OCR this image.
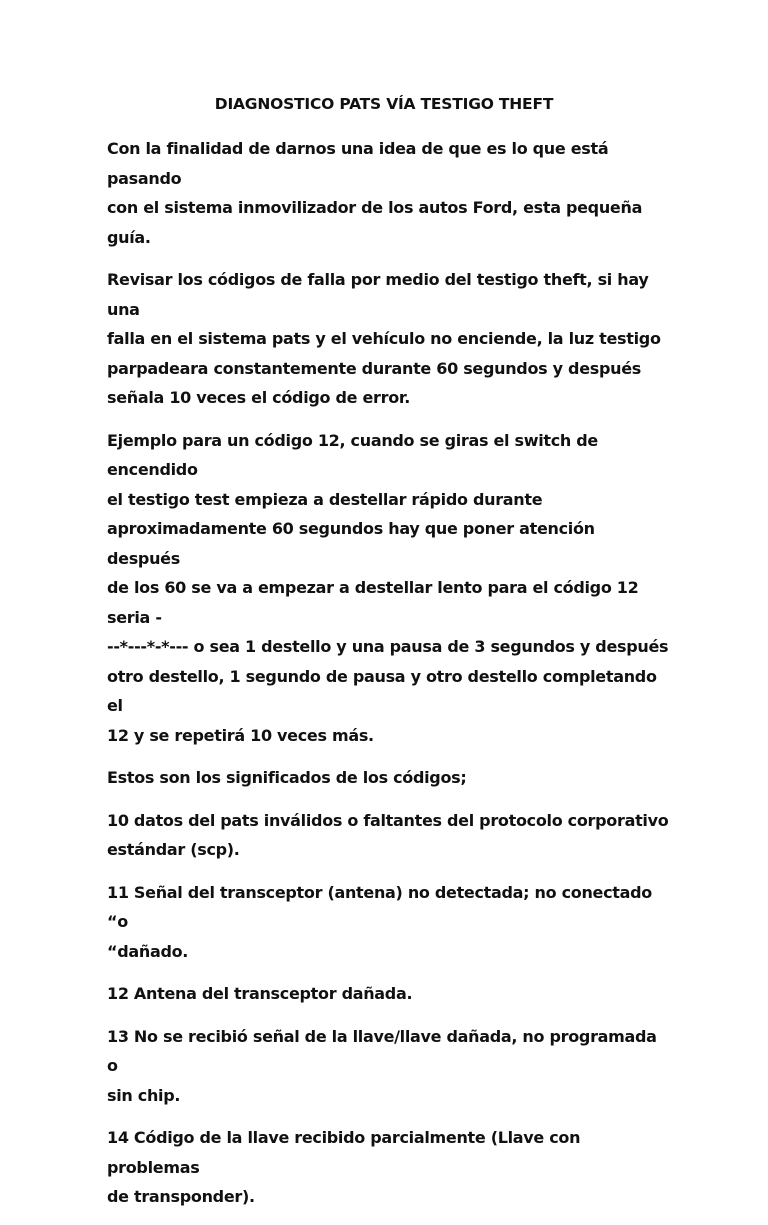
DIAGNOSTICO PATS VÍA TESTIGO THEFT

Con la finalidad de darnos una idea de que es lo que está pasando
con el sistema inmovilizador de los autos Ford, esta pequeña guía.

Revisar los códigos de falla por medio del testigo theft, si hay una
falla en el sistema pats y el vehículo no enciende, la luz testigo
parpadeara constantemente durante 60 segundos y después
señala 10 veces el código de error.

Ejemplo para un código 12, cuando se giras el switch de encendido
el testigo test empieza a destellar rápido durante
aproximadamente 60 segundos hay que poner atención después
de los 60 se va a empezar a destellar lento para el código 12 seria -
--*---*-*--- o sea 1 destello y una pausa de 3 segundos y después
otro destello, 1 segundo de pausa y otro destello completando el
12 y se repetirá 10 veces más.

Estos son los significados de los códigos;

10 datos del pats inválidos o faltantes del protocolo corporativo
estándar (scp).

11 Señal del transceptor (antena) no detectada; no conectado “o
“dañado.

12 Antena del transceptor dañada.

13 No se recibió señal de la llave/llave dañada, no programada o
sin chip.

14 Código de la llave recibido parcialmente (Llave con problemas
de transponder).
